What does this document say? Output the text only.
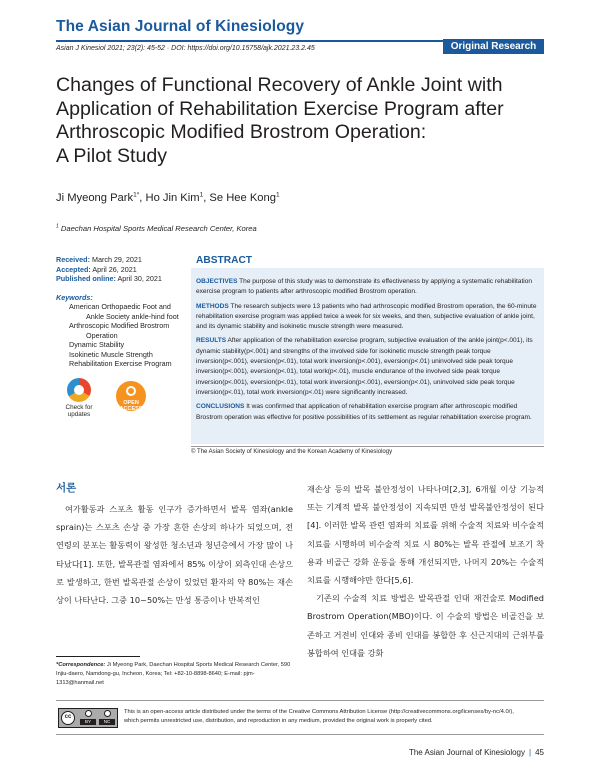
The Asian Journal of Kinesiology
Asian J Kinesiol 2021; 23(2): 45-52 · DOI: https://doi.org/10.15758/ajk.2021.23.2.45	Original Research
Changes of Functional Recovery of Ankle Joint with
Application of Rehabilitation Exercise Program after
Arthroscopic Modified Brostrom Operation:
A Pilot Study
Ji Myeong Park$^{1*}$, Ho Jin Kim$^1$, Se Hee Kong$^1$
$^1$ Daechan Hospital Sports Medical Research Center, Korea
Received: March 29, 2021
Accepted: April 26, 2021
Published online: April 30, 2021
Keywords:
American Orthopaedic Foot and
Ankle Society ankle-hind foot
Arthroscopic Modified Brostrom
Operation
Dynamic Stability
Isokinetic Muscle Strength
Rehabilitation Exercise Program
Check for
updates
OPEN
ACCESS
ABSTRACT

OBJECTIVES The purpose of this study was to demonstrate its effectiveness by applying a systematic rehabilitation exercise program to patients after arthroscopic modified Brostrom operation.

METHODS The research subjects were 13 patients who had arthroscopic modified Brostrom operation, the 60-minute rehabilitation exercise program was applied twice a week for six weeks, and then, subjective evaluation of ankle joint, and its dynamic stability and isokinetic muscle strength were measured.

RESULTS After application of the rehabilitation exercise program, subjective evaluation of the ankle joint(p<.001), its dynamic stability(p<.001) and strengths of the involved side for isokinetic muscle strength peak torque inversion(p<.001), eversion(p<.01), total work inversion(p<.001), eversion(p<.01) uninvolved side peak torque inversion(p<.001), eversion(p<.01), total work(p<.01), muscle endurance of the involved side peak torque inversion(p<.001), eversion(p<.01), total work inversion(p<.001), eversion(p<.01), uninvolved side peak torque inversion(p<.01), total work inversion(p<.01) were significantly increased.

CONCLUSIONS It was confirmed that application of rehabilitation exercise program after arthroscopic modified Brostrom operation was effective for positive possibilities of its settlement as regular rehabilitation exercise program.

© The Asian Society of Kinesiology and the Korean Academy of Kinesiology
서론

여가활동과 스포츠 활동 인구가 증가하면서 발목 염좌(ankle sprain)는 스포츠 손상 중 가장 흔한 손상의 하나가 되었으며, 전 연령의 분포는 활동력이 왕성한 청소년과 청년층에서 가장 많이 나타났다[1]. 또한, 발목관절 염좌에서 85% 이상이 외측인대 손상으로 발생하고, 한번 발목관절 손상이 있었던 환자의 약 80%는 재손상이 나타난다. 그중 10~50%는 만성 통증이나 반복적인

재손상 등의 발목 불안정성이 나타나며[2,3], 6개월 이상 기능적 또는 기계적 발목 불안정성이 지속되면 만성 발목불안정성이 된다[4]. 이러한 발목 관련 염좌의 치료를 위해 수술적 치료와 비수술적 치료를 시행하며 비수술적 치료 시 80%는 발목 관절에 보조기 착용과 비골근 강화 운동을 통해 개선되지만, 나머지 20%는 수술적 치료를 시행해야만 한다[5,6].

기존의 수술적 치료 방법은 발목관절 인대 재건술로 Modified Brostrom Operation(MBO)이다. 이 수술의 방법은 비골건을 보존하고 거전비 인대와 종비 인대를 봉합한 후 신근지대의 근위부를 봉합하여 인대를 강화

*Correspondence: Ji Myeong Park, Daechan Hospital Sports Medical Research Center, 590 Injiu-daero, Namdong-gu, Incheon, Korea; Tel: +82-10-8898-8640; E-mail: pjm-1313@hanmail.net
cc
BY	NC
This is an open-access article distributed under the terms of the Creative Commons Attribution License (http://creativecommons.org/licenses/by-nc/4.0/),
which permits unrestricted use, distribution, and reproduction in any medium, provided the original work is properly cited.
The Asian Journal of Kinesiology | 45
